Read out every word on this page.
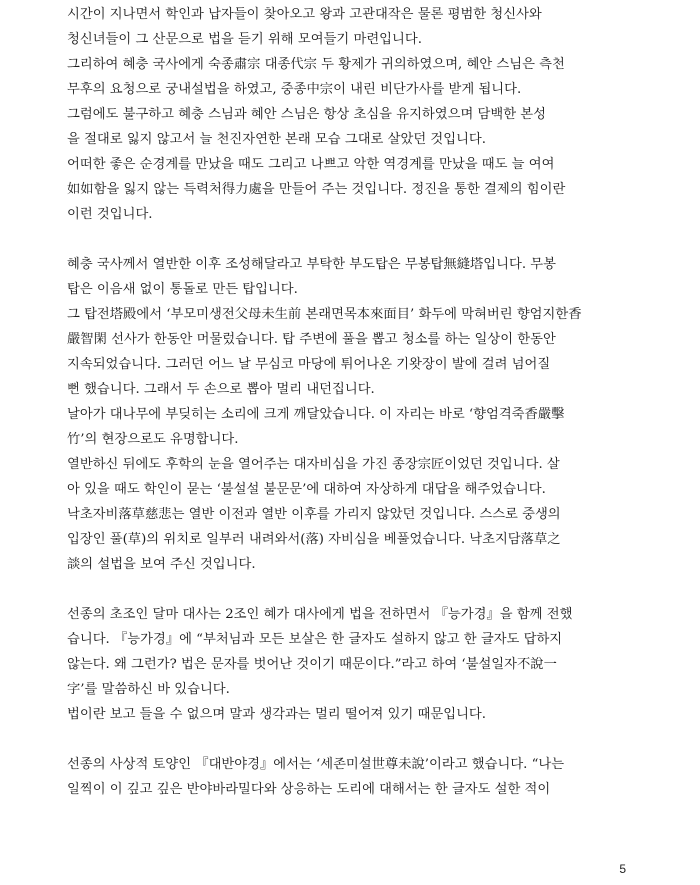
시간이 지나면서 학인과 납자들이 찾아오고 왕과 고관대작은 물론 평범한 청신사와
청신녀들이 그 산문으로 법을 듣기 위해 모여들기 마련입니다.
그리하여 혜충 국사에게 숙종肅宗 대종代宗 두 황제가 귀의하였으며, 혜안 스님은 측천
무후의 요청으로 궁내설법을 하였고, 중종中宗이 내린 비단가사를 받게 됩니다.
그럼에도 불구하고 혜충 스님과 혜안 스님은 항상 초심을 유지하였으며 담백한 본성
을 절대로 잃지 않고서 늘 천진자연한 본래 모습 그대로 살았던 것입니다.
어떠한 좋은 순경계를 만났을 때도 그리고 나쁘고 악한 역경계를 만났을 때도 늘 여여
如如함을 잃지 않는 득력처得力處을 만들어 주는 것입니다. 정진을 통한 결제의 힘이란
이런 것입니다.
혜충 국사께서 열반한 이후 조성해달라고 부탁한 부도탑은 무봉탑無縫塔입니다. 무봉
탑은 이음새 없이 통돌로 만든 탑입니다.
그 탑전塔殿에서 ‘부모미생전父母未生前 본래면목本來面目’ 화두에 막혀버린 향엄지한香
嚴智閑 선사가 한동안 머물렀습니다. 탑 주변에 풀을 뽑고 청소를 하는 일상이 한동안
지속되었습니다. 그러던 어느 날 무심코 마당에 튀어나온 기왓장이 발에 걸려 넘어질
뻔 했습니다. 그래서 두 손으로 뽑아 멀리 내던집니다.
날아가 대나무에 부딪히는 소리에 크게 깨달았습니다. 이 자리는 바로 ‘향엄격죽香嚴擊
竹’의 현장으로도 유명합니다.
열반하신 뒤에도 후학의 눈을 열어주는 대자비심을 가진 종장宗匠이었던 것입니다. 살
아 있을 때도 학인이 묻는 ‘불설설 불문문’에 대하여 자상하게 대답을 해주었습니다.
낙초자비落草慈悲는 열반 이전과 열반 이후를 가리지 않았던 것입니다. 스스로 중생의
입장인 풀(草)의 위치로 일부러 내려와서(落) 자비심을 베풀었습니다. 낙초지담落草之
談의 설법을 보여 주신 것입니다.
선종의 초조인 달마 대사는 2조인 혜가 대사에게 법을 전하면서 『능가경』을 함께 전했
습니다. 『능가경』에 “부처님과 모든 보살은 한 글자도 설하지 않고 한 글자도 답하지
않는다. 왜 그런가? 법은 문자를 벗어난 것이기 때문이다.”라고 하여 ‘불설일자不說一
字’를 말씀하신 바 있습니다.
법이란 보고 들을 수 없으며 말과 생각과는 멀리 떨어져 있기 때문입니다.
선종의 사상적 토양인 『대반야경』에서는 ‘세존미설世尊未說’이라고 했습니다. “나는
일찍이 이 깊고 깊은 반야바라밀다와 상응하는 도리에 대해서는 한 글자도 설한 적이
5
